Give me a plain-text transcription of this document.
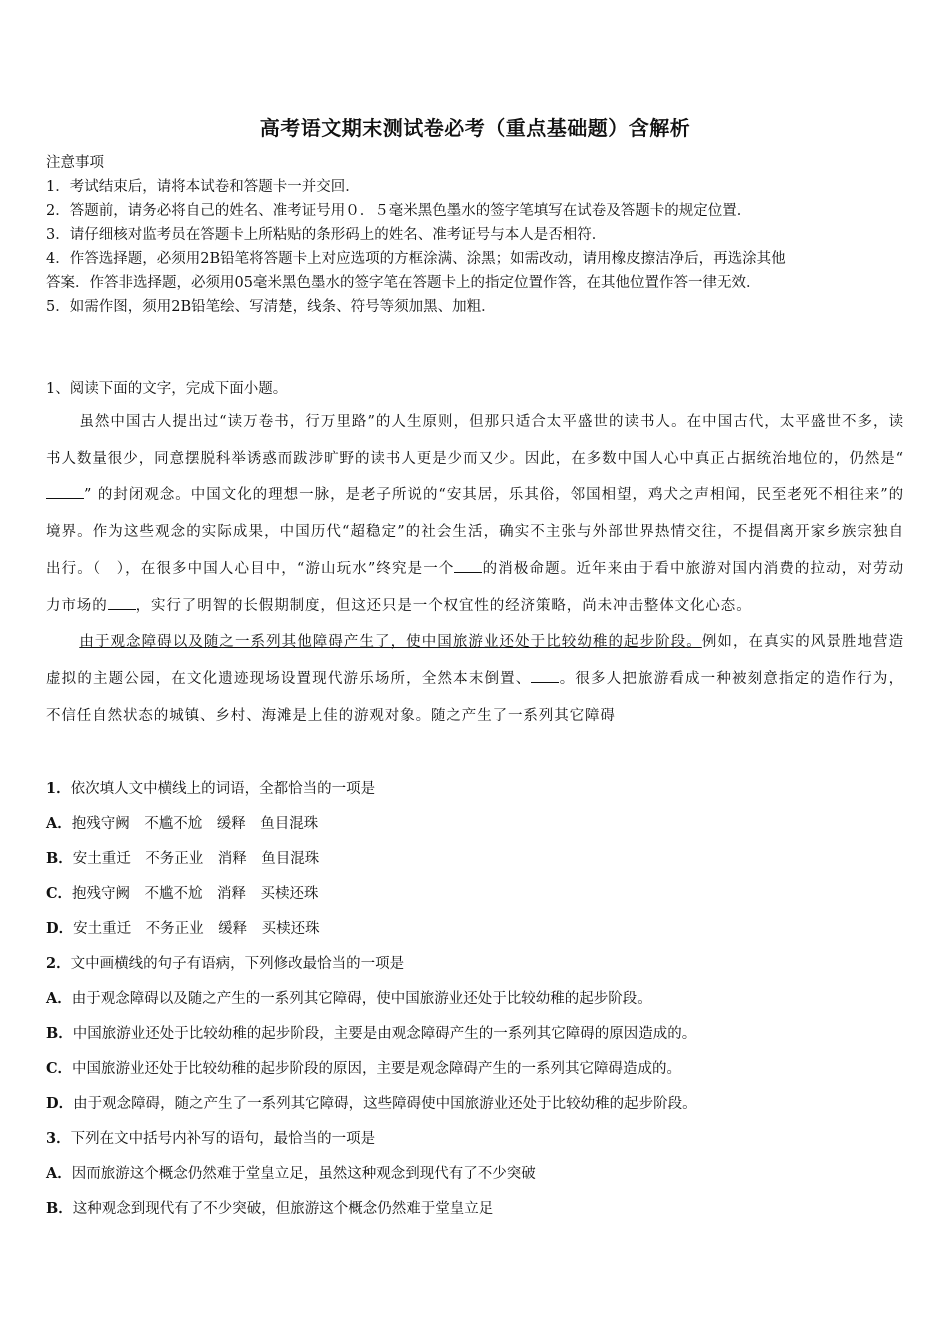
高考语文期末测试卷必考（重点基础题）含解析
注意事项
1．考试结束后，请将本试卷和答题卡一并交回．
2．答题前，请务必将自己的姓名、准考证号用０．５毫米黑色墨水的签字笔填写在试卷及答题卡的规定位置．
3．请仔细核对监考员在答题卡上所粘贴的条形码上的姓名、准考证号与本人是否相符．
4．作答选择题，必须用2B铅笔将答题卡上对应选项的方框涂满、涂黑；如需改动，请用橡皮擦洁净后，再选涂其他
答案．作答非选择题，必须用05毫米黑色墨水的签字笔在答题卡上的指定位置作答，在其他位置作答一律无效．
5．如需作图，须用2B铅笔绘、写清楚，线条、符号等须加黑、加粗．
1、阅读下面的文字，完成下面小题。

虽然中国古人提出过“读万卷书，行万里路”的人生原则，但那只适合太平盛世的读书人。在中国古代，太平盛世不多，读书人数量很少，同意摆脱科举诱惑而跋涉旷野的读书人更是少而又少。因此，在多数中国人心中真正占据统治地位的，仍然是“” 的封闭观念。中国文化的理想一脉，是老子所说的“安其居，乐其俗，邻国相望，鸡犬之声相闻，民至老死不相往来”的境界。作为这些观念的实际成果，中国历代“超稳定”的社会生活，确实不主张与外部世界热情交往，不提倡离开家乡族宗独自出行。（　），在很多中国人心目中，“游山玩水”终究是一个 的消极命题。近年来由于看中旅游对国内消费的拉动，对劳动力市场的 ，实行了明智的长假期制度，但这还只是一个权宜性的经济策略，尚未冲击整体文化心态。

由于观念障碍以及随之一系列其他障碍产生了，使中国旅游业还处于比较幼稚的起步阶段。例如，在真实的风景胜地营造虚拟的主题公园，在文化遗迹现场设置现代游乐场所，全然本末倒置、 。很多人把旅游看成一种被刻意指定的造作行为，不信任自然状态的城镇、乡村、海滩是上佳的游观对象。随之产生了一系列其它障碍

1．依次填人文中横线上的词语，全都恰当的一项是
A．抱残守阙　不尴不尬　缓释　鱼目混珠
B．安土重迁　不务正业　消释　鱼目混珠
C．抱残守阙　不尴不尬　消释　买椟还珠
D．安土重迁　不务正业　缓释　买椟还珠
2．文中画横线的句子有语病，下列修改最恰当的一项是
A．由于观念障碍以及随之产生的一系列其它障碍，使中国旅游业还处于比较幼稚的起步阶段。
B．中国旅游业还处于比较幼稚的起步阶段，主要是由观念障碍产生的一系列其它障碍的原因造成的。
C．中国旅游业还处于比较幼稚的起步阶段的原因，主要是观念障碍产生的一系列其它障碍造成的。
D．由于观念障碍，随之产生了一系列其它障碍，这些障碍使中国旅游业还处于比较幼稚的起步阶段。
3．下列在文中括号内补写的语句，最恰当的一项是
A．因而旅游这个概念仍然难于堂皇立足，虽然这种观念到现代有了不少突破
B．这种观念到现代有了不少突破，但旅游这个概念仍然难于堂皇立足
